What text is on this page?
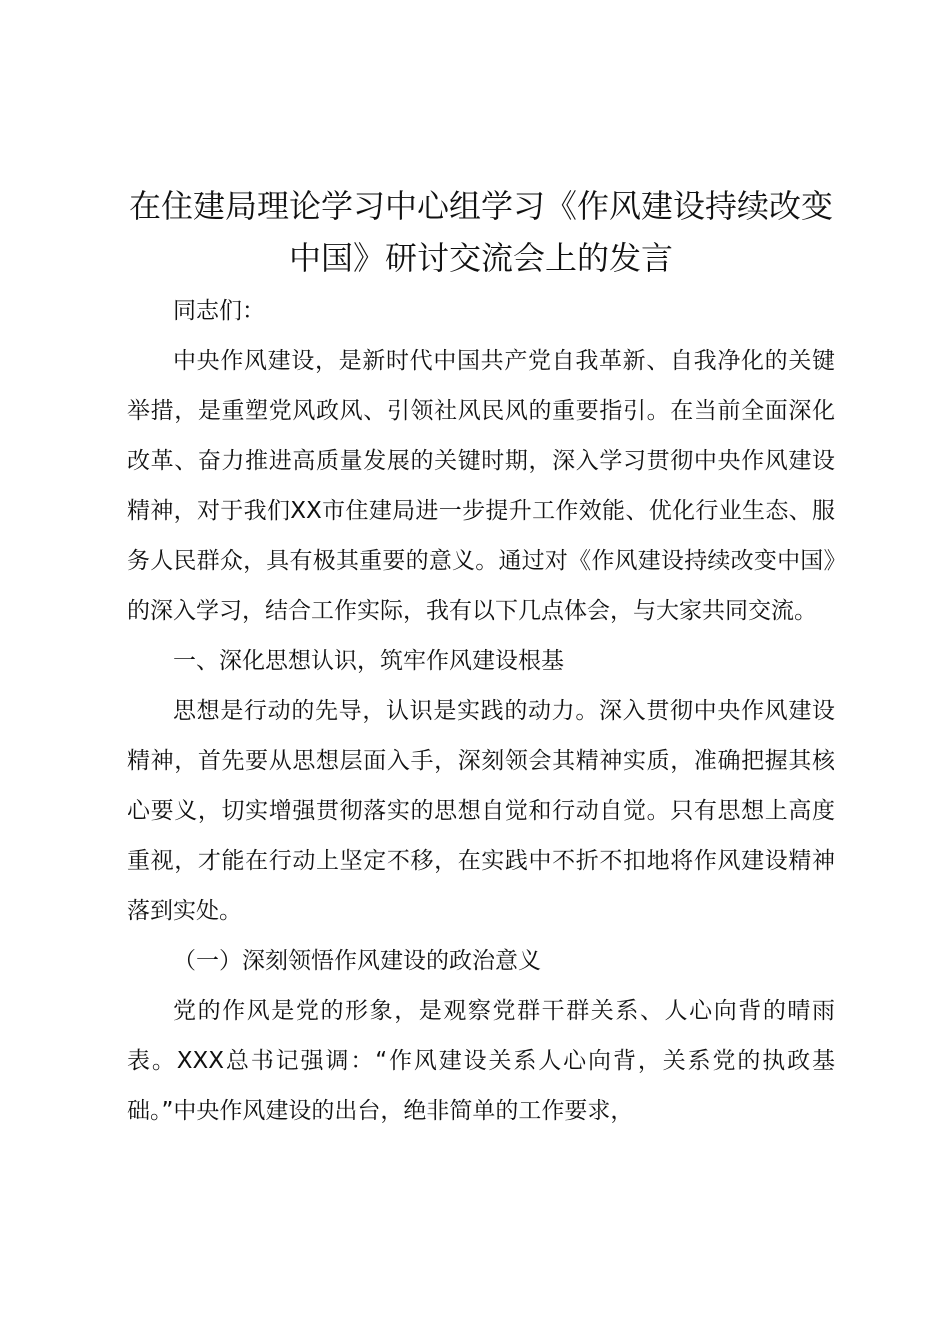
在住建局理论学习中心组学习《作风建设持续改变中国》研讨交流会上的发言

同志们：

中央作风建设，是新时代中国共产党自我革新、自我净化的关键举措，是重塑党风政风、引领社风民风的重要指引。在当前全面深化改革、奋力推进高质量发展的关键时期，深入学习贯彻中央作风建设精神，对于我们XX市住建局进一步提升工作效能、优化行业生态、服务人民群众，具有极其重要的意义。通过对《作风建设持续改变中国》的深入学习，结合工作实际，我有以下几点体会，与大家共同交流。

一、深化思想认识，筑牢作风建设根基

思想是行动的先导，认识是实践的动力。深入贯彻中央作风建设精神，首先要从思想层面入手，深刻领会其精神实质，准确把握其核心要义，切实增强贯彻落实的思想自觉和行动自觉。只有思想上高度重视，才能在行动上坚定不移，在实践中不折不扣地将作风建设精神落到实处。

（一）深刻领悟作风建设的政治意义

党的作风是党的形象，是观察党群干群关系、人心向背的晴雨表。XXX总书记强调：“作风建设关系人心向背，关系党的执政基础。”中央作风建设的出台，绝非简单的工作要求，
